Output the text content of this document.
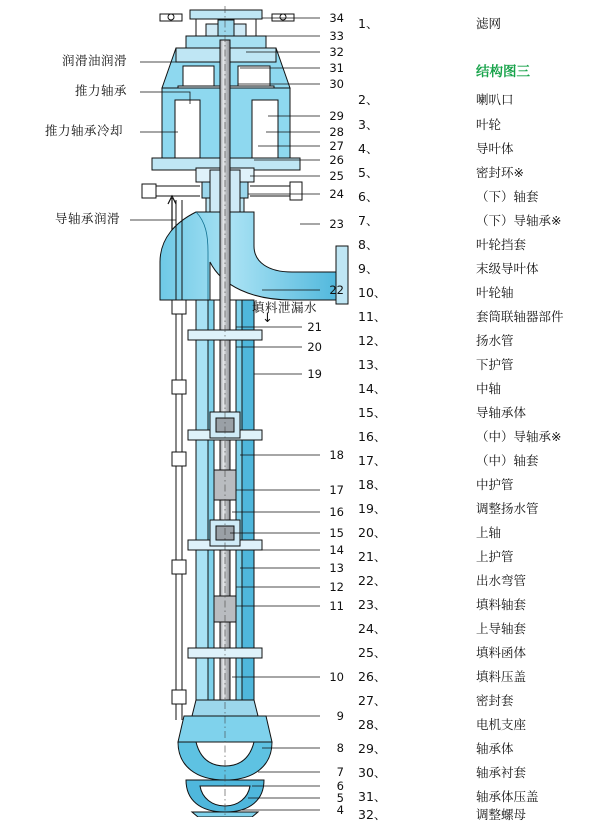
润滑油润滑
推力轴承
推力轴承冷却
导轴承润滑
填料泄漏水
↓
34
33
32
31
30
29
28
27
26
25
24
23
22
21
20
19
18
17
16
15
14
13
12
11
10
9
8
7
6
5
4
1、	滤网
结构图三
2、	喇叭口
3、	叶轮
4、	导叶体
5、	密封环※
6、	（下）轴套
7、	（下）导轴承※
8、	叶轮挡套
9、	末级导叶体
10、	叶轮轴
11、	套筒联轴器部件
12、	扬水管
13、	下护管
14、	中轴
15、	导轴承体
16、	（中）导轴承※
17、	（中）轴套
18、	中护管
19、	调整扬水管
20、	上轴
21、	上护管
22、	出水弯管
23、	填料轴套
24、	上导轴套
25、	填料函体
26、	填料压盖
27、	密封套
28、	电机支座
29、	轴承体
30、	轴承衬套
31、	轴承体压盖
32、	调整螺母
